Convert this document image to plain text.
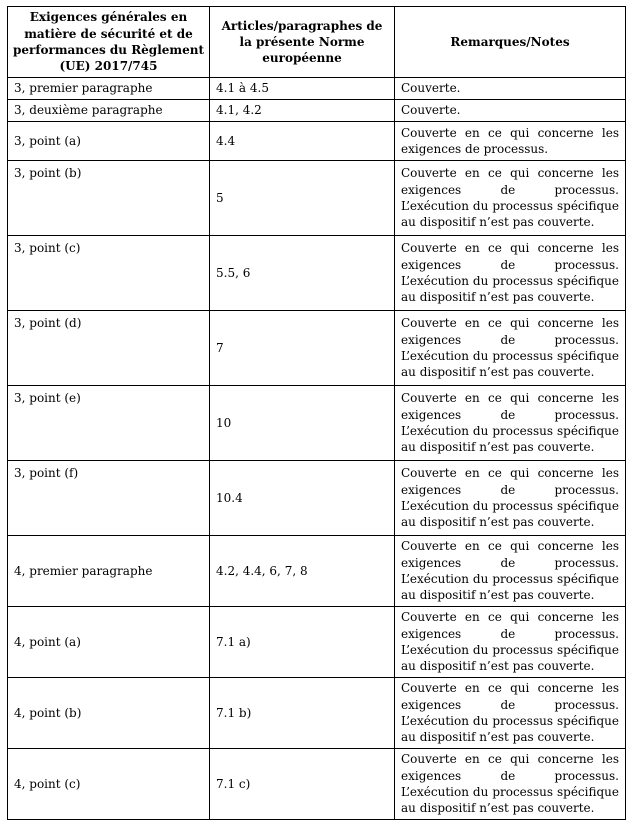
Exigences générales en matière de sécurité et de performances du Règlement (UE) 2017/745	Articles/paragraphes de la présente Norme européenne	Remarques/Notes
3, premier paragraphe	4.1 à 4.5	Couverte.
3, deuxième paragraphe	4.1, 4.2	Couverte.
3, point (a)	4.4	Couverte en ce qui concerne les exigences de processus.
3, point (b)	5	Couverte en ce qui concerne les exigences de processus. L’exécution du processus spécifique au dispositif n’est pas couverte.
3, point (c)	5.5, 6	Couverte en ce qui concerne les exigences de processus. L’exécution du processus spécifique au dispositif n’est pas couverte.
3, point (d)	7	Couverte en ce qui concerne les exigences de processus. L’exécution du processus spécifique au dispositif n’est pas couverte.
3, point (e)	10	Couverte en ce qui concerne les exigences de processus. L’exécution du processus spécifique au dispositif n’est pas couverte.
3, point (f)	10.4	Couverte en ce qui concerne les exigences de processus. L’exécution du processus spécifique au dispositif n’est pas couverte.
4, premier paragraphe	4.2, 4.4, 6, 7, 8	Couverte en ce qui concerne les exigences de processus. L’exécution du processus spécifique au dispositif n’est pas couverte.
4, point (a)	7.1 a)	Couverte en ce qui concerne les exigences de processus. L’exécution du processus spécifique au dispositif n’est pas couverte.
4, point (b)	7.1 b)	Couverte en ce qui concerne les exigences de processus. L’exécution du processus spécifique au dispositif n’est pas couverte.
4, point (c)	7.1 c)	Couverte en ce qui concerne les exigences de processus. L’exécution du processus spécifique au dispositif n’est pas couverte.
